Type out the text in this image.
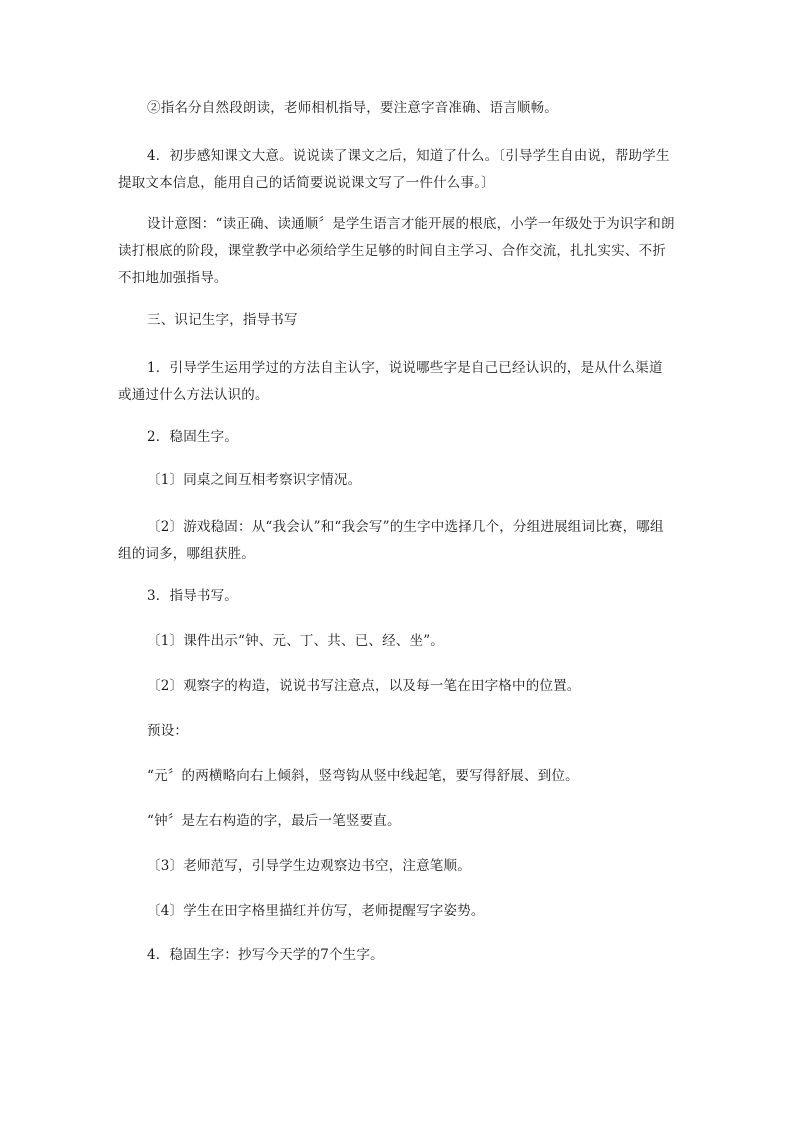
②指名分自然段朗读，老师相机指导，要注意字音准确、语言顺畅。

4．初步感知课文大意。说说读了课文之后，知道了什么。〔引导学生自由说，帮助学生提取文本信息，能用自己的话简要说说课文写了一件什么事。〕

设计意图：“读正确、读通顺〞是学生语言才能开展的根底，小学一年级处于为识字和朗读打根底的阶段，课堂教学中必须给学生足够的时间自主学习、合作交流，扎扎实实、不折不扣地加强指导。

三、识记生字，指导书写

1．引导学生运用学过的方法自主认字，说说哪些字是自己已经认识的，是从什么渠道或通过什么方法认识的。

2．稳固生字。

〔1〕同桌之间互相考察识字情况。

〔2〕游戏稳固：从“我会认”和“我会写”的生字中选择几个，分组进展组词比赛，哪组组的词多，哪组获胜。

3．指导书写。

〔1〕课件出示“钟、元、丁、共、已、经、坐”。

〔2〕观察字的构造，说说书写注意点，以及每一笔在田字格中的位置。

预设：

“元〞的两横略向右上倾斜，竖弯钩从竖中线起笔，要写得舒展、到位。

“钟〞是左右构造的字，最后一笔竖要直。

〔3〕老师范写，引导学生边观察边书空，注意笔顺。

〔4〕学生在田字格里描红并仿写，老师提醒写字姿势。

4．稳固生字：抄写今天学的7个生字。
